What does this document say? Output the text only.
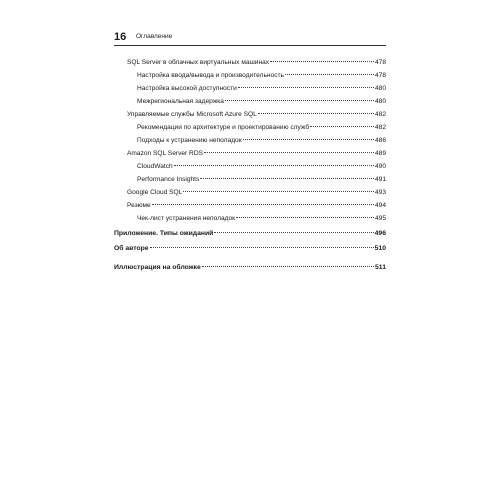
16 Оглавление
SQL Server в облачных виртуальных машинах	478
Настройка ввода/вывода и производительность	478
Настройка высокой доступности	480
Межрегиональная задержка	480
Управляемые службы Microsoft Azure SQL	482
Рекомендации по архитектуре и проектированию служб	482
Подходы к устранению неполадок	486
Amazon SQL Server RDS	489
CloudWatch	490
Performance Insights	491
Google Cloud SQL	493
Резюме	494
Чек-лист устранения неполадок	495
Приложение. Типы ожиданий	496
Об авторе	510
Иллюстрация на обложке	511
